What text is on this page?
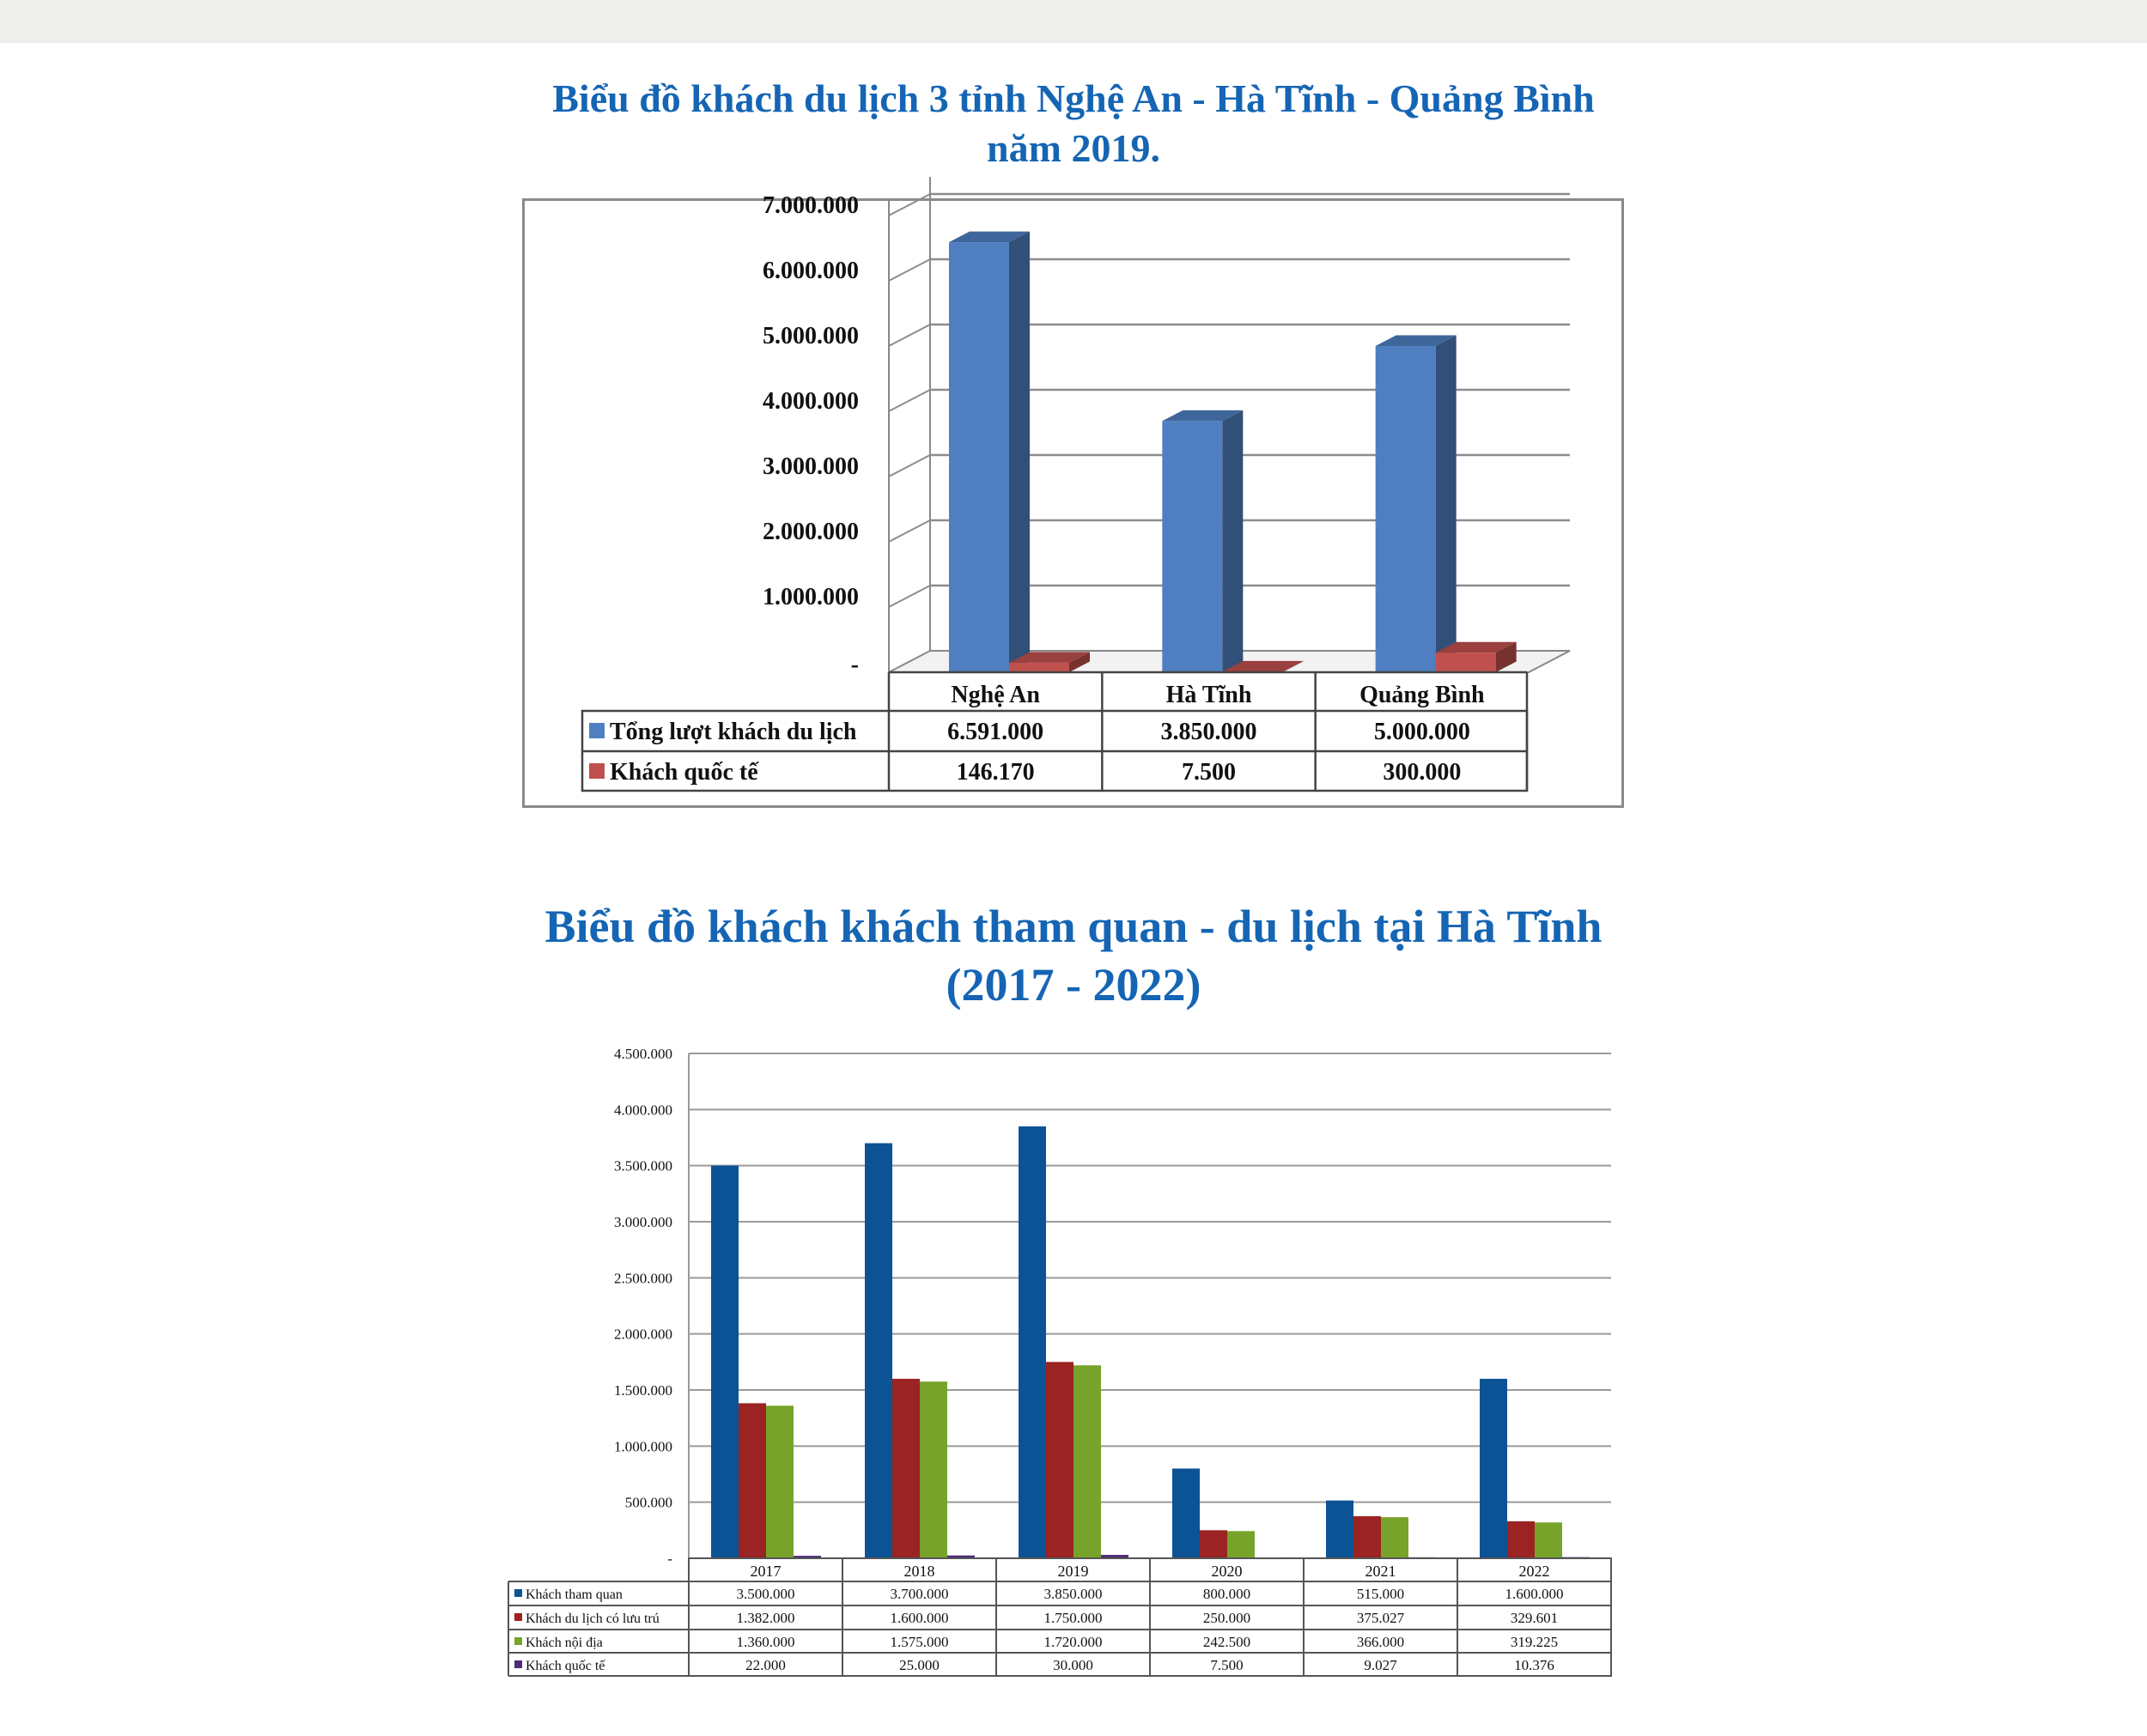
Biểu đồ khách du lịch 3 tỉnh Nghệ An - Hà Tĩnh - Quảng Bình
năm 2019.
-
1.000.000
2.000.000
3.000.000
4.000.000
5.000.000
6.000.000
7.000.000
Nghệ An	Hà Tĩnh	Quảng Bình
Tổng lượt khách du lịch	6.591.000	3.850.000	5.000.000
Khách quốc tế	146.170	7.500	300.000
Biểu đồ khách khách tham quan - du lịch tại Hà Tĩnh
(2017 - 2022)
-
500.000
1.000.000
1.500.000
2.000.000
2.500.000
3.000.000
3.500.000
4.000.000
4.500.000
2017	2018	2019	2020	2021	2022
Khách tham quan	3.500.000	3.700.000	3.850.000	800.000	515.000	1.600.000
Khách du lịch có lưu trú	1.382.000	1.600.000	1.750.000	250.000	375.027	329.601
Khách nội địa	1.360.000	1.575.000	1.720.000	242.500	366.000	319.225
Khách quốc tế	22.000	25.000	30.000	7.500	9.027	10.376
